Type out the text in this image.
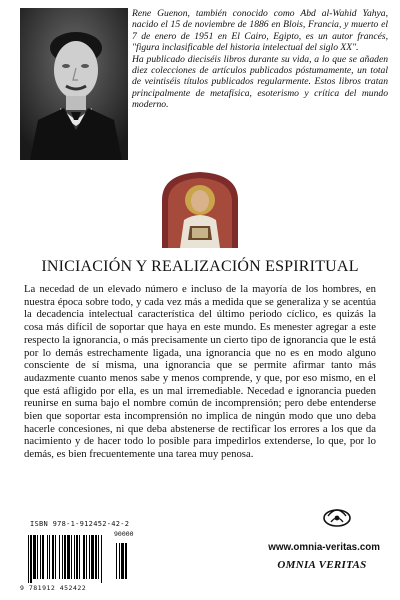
Rene Guenon, también conocido como Abd al-Wahid Yahya, nacido el 15 de noviembre de 1886 en Blois, Francia, y muerto el 7 de enero de 1951 en El Cairo, Egipto, es un autor francés, "figura inclasificable del historia intelectual del siglo XX".

Ha publicado dieciséis libros durante su vida, a lo que se añaden diez colecciones de artículos publicados póstumamente, un total de veintiséis títulos publicados regularmente. Estos libros tratan principalmente de metafísica, esoterismo y crítica del mundo moderno.

INICIACIÓN Y REALIZACIÓN ESPIRITUAL

La necedad de un elevado número e incluso de la mayoría de los hombres, en nuestra época sobre todo, y cada vez más a medida que se generaliza y se acentúa la decadencia intelectual característica del último periodo cíclico, es quizás la cosa más difícil de soportar que haya en este mundo. Es menester agregar a este respecto la ignorancia, o más precisamente un cierto tipo de ignorancia que le está por lo demás estrechamente ligada, una ignorancia que no es en modo alguno consciente de sí misma, una ignorancia que se permite afirmar tanto más audazmente cuanto menos sabe y menos comprende, y que, por eso mismo, en el que está afligido por ella, es un mal irremediable. Necedad e ignorancia pueden reunirse en suma bajo el nombre común de incomprensión; pero debe entenderse bien que soportar esta incomprensión no implica de ningún modo que uno deba hacerle concesiones, ni que deba abstenerse de rectificar los errores a los que da nacimiento y de hacer todo lo posible para impedirlos extenderse, lo que, por lo demás, es bien frecuentemente una tarea muy penosa.

ISBN 978-1-912452-42-2
90000
9 781912 452422
www.omnia-veritas.com
OMNIA VERITAS
